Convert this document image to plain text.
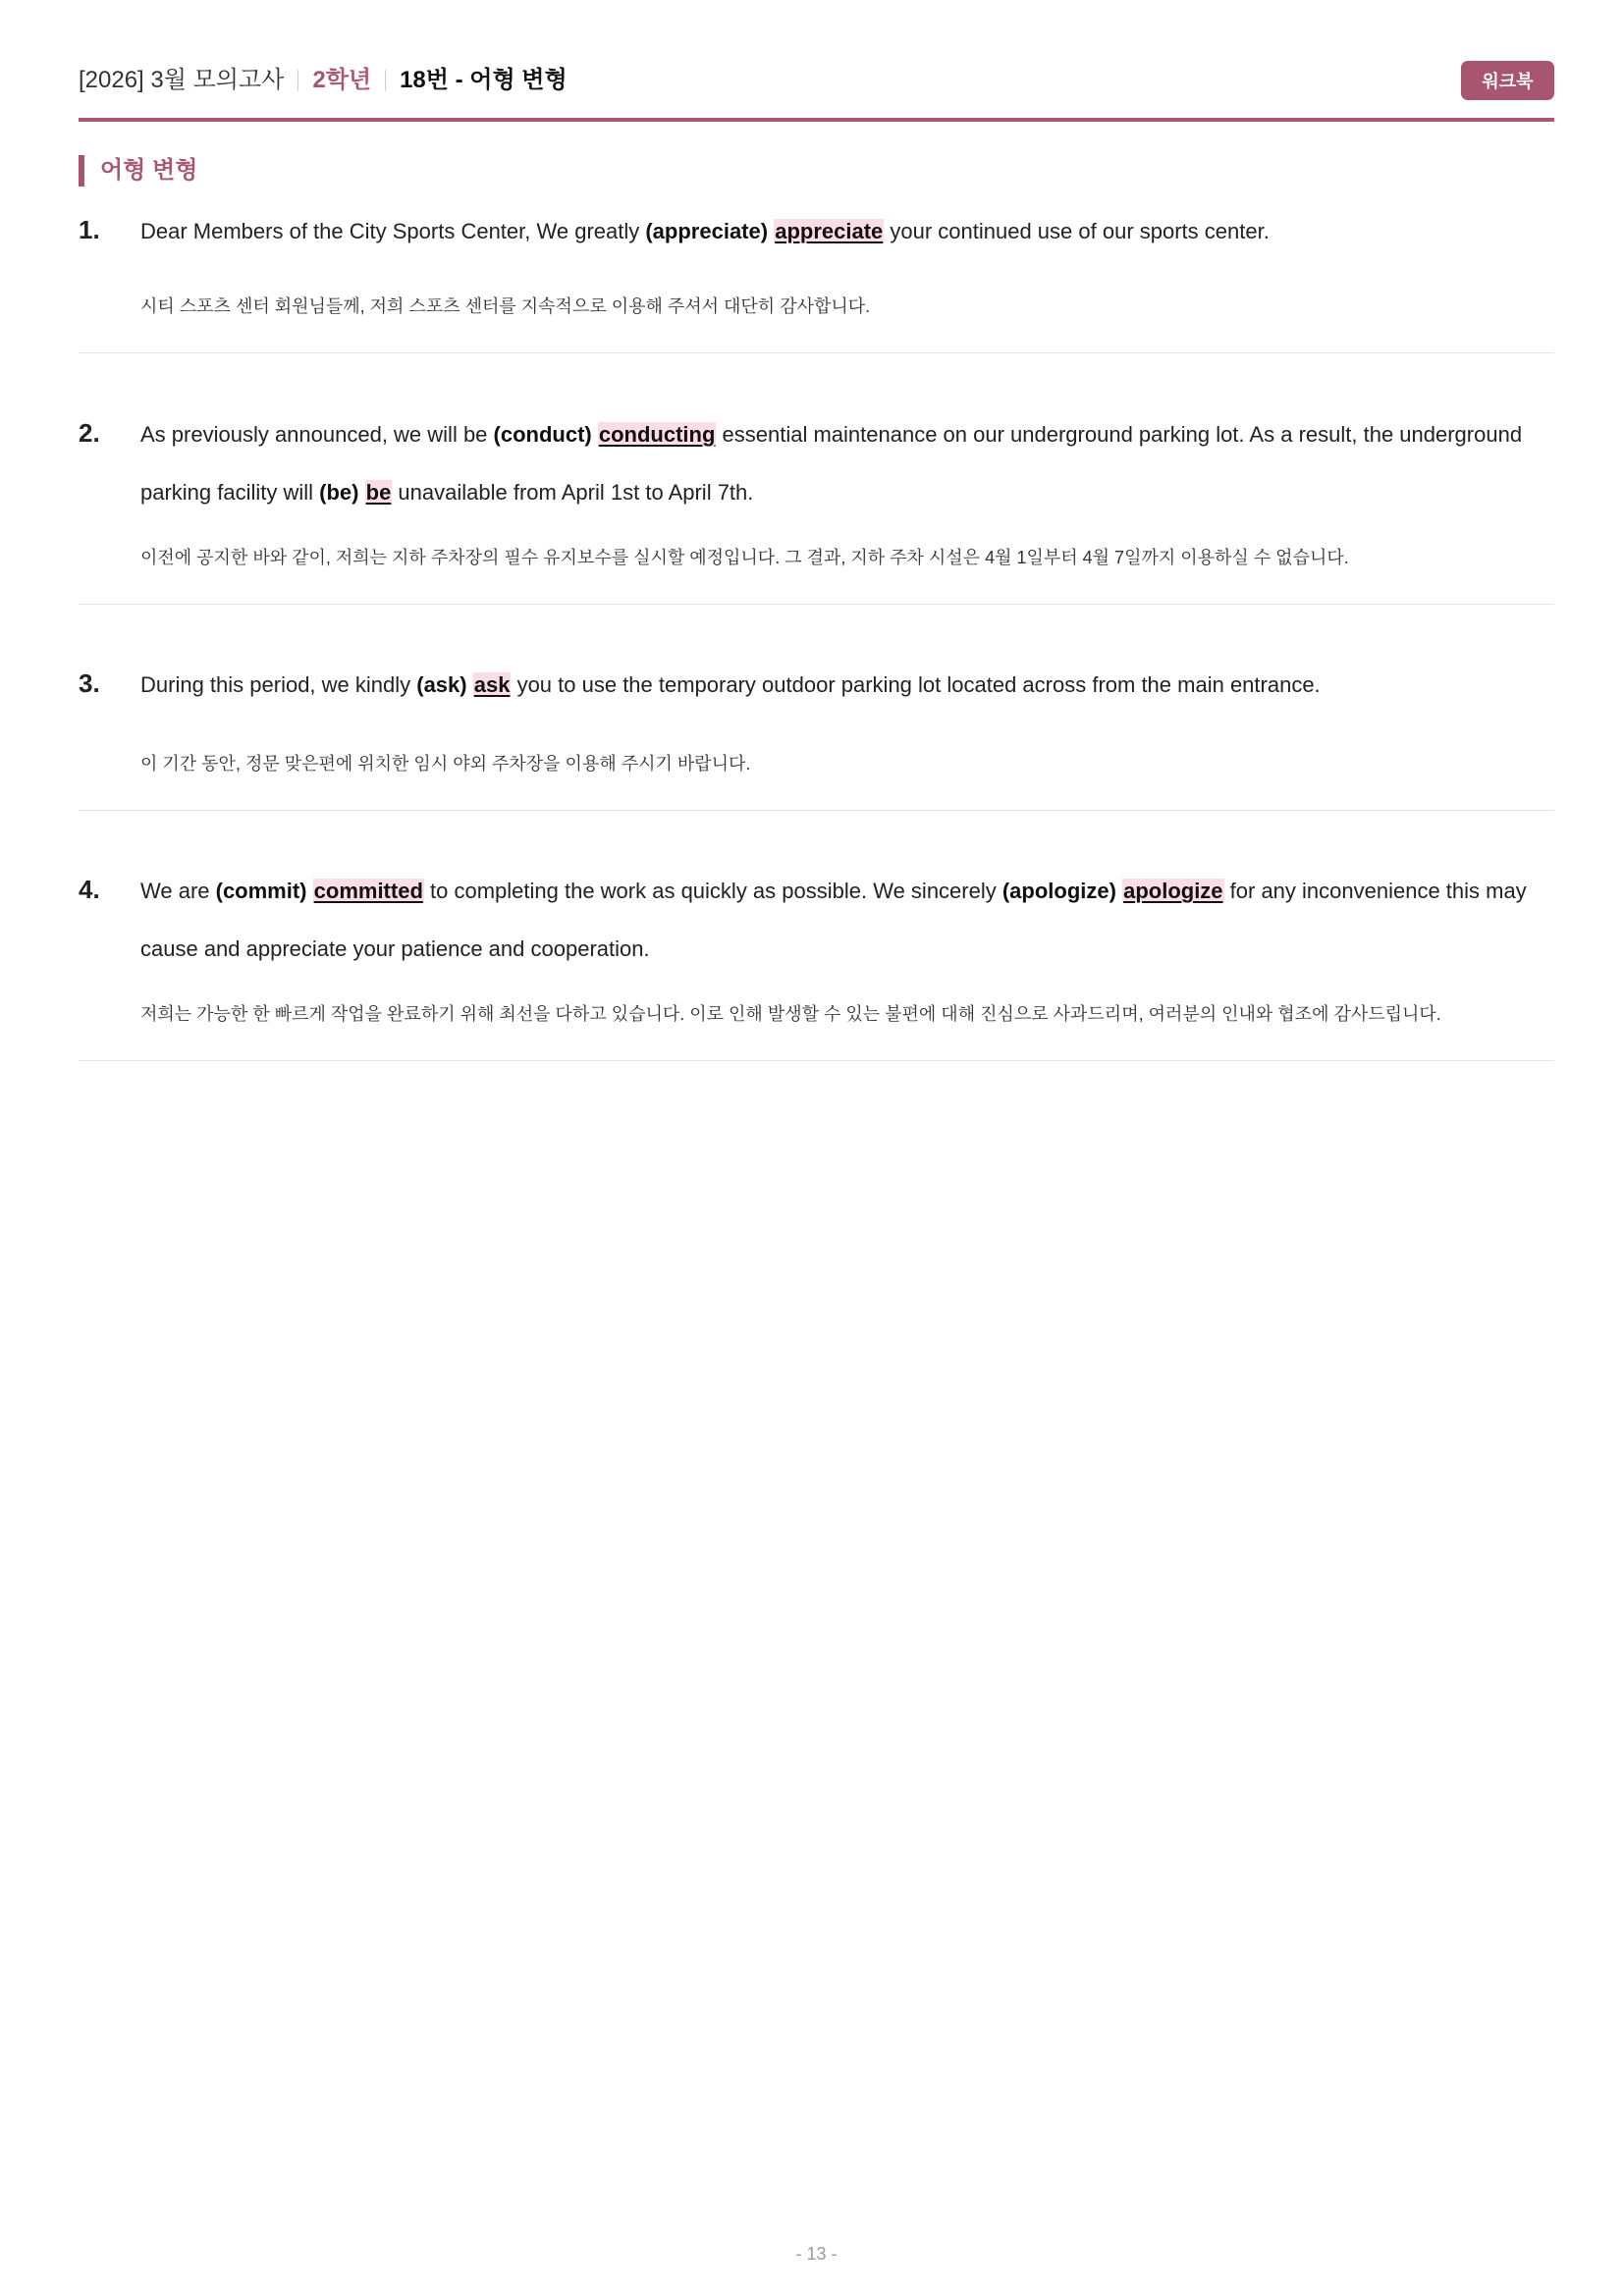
[2026] 3월 모의고사 2학년 18번 - 어형 변형	워크북
어형 변형
1. Dear Members of the City Sports Center, We greatly (appreciate) appreciate your continued use of our sports center.
시티 스포츠 센터 회원님들께, 저희 스포츠 센터를 지속적으로 이용해 주셔서 대단히 감사합니다.
2. As previously announced, we will be (conduct) conducting essential maintenance on our underground parking lot. As a result, the underground parking facility will (be) be unavailable from April 1st to April 7th.
이전에 공지한 바와 같이, 저희는 지하 주차장의 필수 유지보수를 실시할 예정입니다. 그 결과, 지하 주차 시설은 4월 1일부터 4월 7일까지 이용하실 수 없습니다.
3. During this period, we kindly (ask) ask you to use the temporary outdoor parking lot located across from the main entrance.
이 기간 동안, 정문 맞은편에 위치한 임시 야외 주차장을 이용해 주시기 바랍니다.
4. We are (commit) committed to completing the work as quickly as possible. We sincerely (apologize) apologize for any inconvenience this may cause and appreciate your patience and cooperation.
저희는 가능한 한 빠르게 작업을 완료하기 위해 최선을 다하고 있습니다. 이로 인해 발생할 수 있는 불편에 대해 진심으로 사과드리며, 여러분의 인내와 협조에 감사드립니다.
- 13 -
